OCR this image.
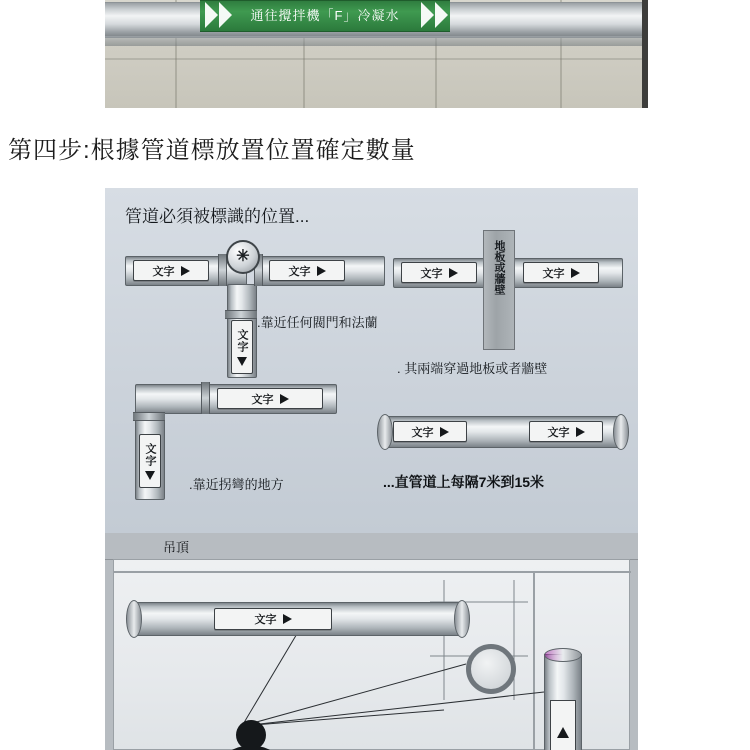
通往攪拌機「F」冷凝水
第四步:根據管道標放置位置確定數量
管道必須被標識的位置...
✳
文字	文字
文字
.靠近任何閥門和法蘭
地板或牆壁
文字	文字
. 其兩端穿過地板或者牆壁
文字
文字
.靠近拐彎的地方
文字	文字
...直管道上每隔7米到15米
吊頂
文字
